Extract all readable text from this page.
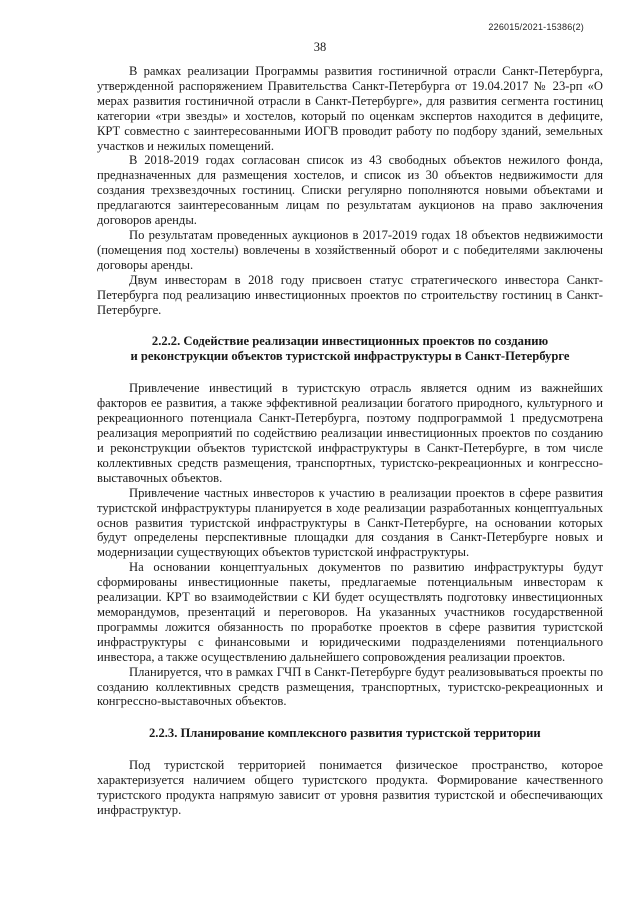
226015/2021-15386(2)
38

В рамках реализации Программы развития гостиничной отрасли Санкт-Петербурга, утвержденной распоряжением Правительства Санкт-Петербурга от 19.04.2017 № 23-рп «О мерах развития гостиничной отрасли в Санкт-Петербурге», для развития сегмента гостиниц категории «три звезды» и хостелов, который по оценкам экспертов находится в дефиците, КРТ совместно с заинтересованными ИОГВ проводит работу по подбору зданий, земельных участков и нежилых помещений.

В 2018-2019 годах согласован список из 43 свободных объектов нежилого фонда, предназначенных для размещения хостелов, и список из 30 объектов недвижимости для создания трехзвездочных гостиниц. Списки регулярно пополняются новыми объектами и предлагаются заинтересованным лицам по результатам аукционов на право заключения договоров аренды.

По результатам проведенных аукционов в 2017-2019 годах 18 объектов недвижимости (помещения под хостелы) вовлечены в хозяйственный оборот и с победителями заключены договоры аренды.

Двум инвесторам в 2018 году присвоен статус стратегического инвестора Санкт-Петербурга под реализацию инвестиционных проектов по строительству гостиниц в Санкт-Петербурге.

2.2.2. Содействие реализации инвестиционных проектов по созданию
и реконструкции объектов туристской инфраструктуры в Санкт-Петербурге

Привлечение инвестиций в туристскую отрасль является одним из важнейших факторов ее развития, а также эффективной реализации богатого природного, культурного и рекреационного потенциала Санкт-Петербурга, поэтому подпрограммой 1 предусмотрена реализация мероприятий по содействию реализации инвестиционных проектов по созданию и реконструкции объектов туристской инфраструктуры в Санкт-Петербурге, в том числе коллективных средств размещения, транспортных, туристско-рекреационных и конгрессно-выставочных объектов.

Привлечение частных инвесторов к участию в реализации проектов в сфере развития туристской инфраструктуры планируется в ходе реализации разработанных концептуальных основ развития туристской инфраструктуры в Санкт-Петербурге, на основании которых будут определены перспективные площадки для создания в Санкт-Петербурге новых и модернизации существующих объектов туристской инфраструктуры.

На основании концептуальных документов по развитию инфраструктуры будут сформированы инвестиционные пакеты, предлагаемые потенциальным инвесторам к реализации. КРТ во взаимодействии с КИ будет осуществлять подготовку инвестиционных меморандумов, презентаций и переговоров. На указанных участников государственной программы ложится обязанность по проработке проектов в сфере развития туристской инфраструктуры с финансовыми и юридическими подразделениями потенциального инвестора, а также осуществлению дальнейшего сопровождения реализации проектов.

Планируется, что в рамках ГЧП в Санкт-Петербурге будут реализовываться проекты по созданию коллективных средств размещения, транспортных, туристско-рекреационных и конгрессно-выставочных объектов.

2.2.3. Планирование комплексного развития туристской территории

Под туристской территорией понимается физическое пространство, которое характеризуется наличием общего туристского продукта. Формирование качественного туристского продукта напрямую зависит от уровня развития туристской и обеспечивающих инфраструктур.
